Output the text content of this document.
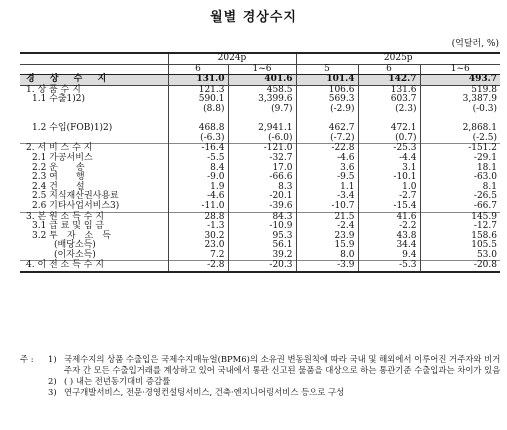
월별 경상수지
(억달러, %)
	2024p		2025p		
	6	1~6	5	6	1~6
경 상 수 지	131.0	401.6	101.4	142.7	493.7
1. 상 품 수 지	121.3	458.5	106.6	131.6	519.8
1.1 수출1)2)	590.1	3,399.6	569.3	603.7	3,387.9
	(8.8)	(9.7)	(-2.9)	(2.3)	(-0.3)

1.2 수입(FOB)1)2)	468.8	2,941.1	462.7	472.1	2,868.1
	(-6.3)	(-6.0)	(-7.2)	(0.7)	(-2.5)
2. 서 비 스 수 지	-16.4	-121.0	-22.8	-25.3	-151.2
2.1 가공서비스	-5.5	-32.7	-4.6	-4.4	-29.1
2.2 운　　송	8.4	17.0	3.6	3.1	18.1
2.3 여　　행	-9.0	-66.6	-9.5	-10.1	-63.0
2.4 건　　설	1.9	8.3	1.1	1.0	8.1
2.5 지식재산권사용료	-4.6	-20.1	-3.4	-2.7	-26.5
2.6 기타사업서비스3)	-11.0	-39.6	-10.7	-15.4	-66.7
3. 본 원 소 득 수 지	28.8	84.3	21.5	41.6	145.9
3.1 급 료 및 임 금	-1.3	-10.9	-2.4	-2.2	-12.7
3.2 투　자　소　득	30.2	95.3	23.9	43.8	158.6
(배당소득)	23.0	56.1	15.9	34.4	105.5
(이자소득)	7.2	39.2	8.0	9.4	53.0
4. 이 전 소 득 수 지	-2.8	-20.3	-3.9	-5.3	-20.8
주 :	1) 국제수지의 상품 수출입은 국제수지매뉴얼(BPM6)의 소유권 변동원칙에 따라 국내 및 해외에서 이루어진 거주자와 비거주자 간 모든 수출입거래를 계상하고 있어 국내에서 통관 신고된 물품을 대상으로 하는 통관기준 수출입과는 차이가 있음
2) ( ) 내는 전년동기대비 증감률
3) 연구개발서비스, 전문·경영컨설팅서비스, 건축·엔지니어링서비스 등으로 구성
